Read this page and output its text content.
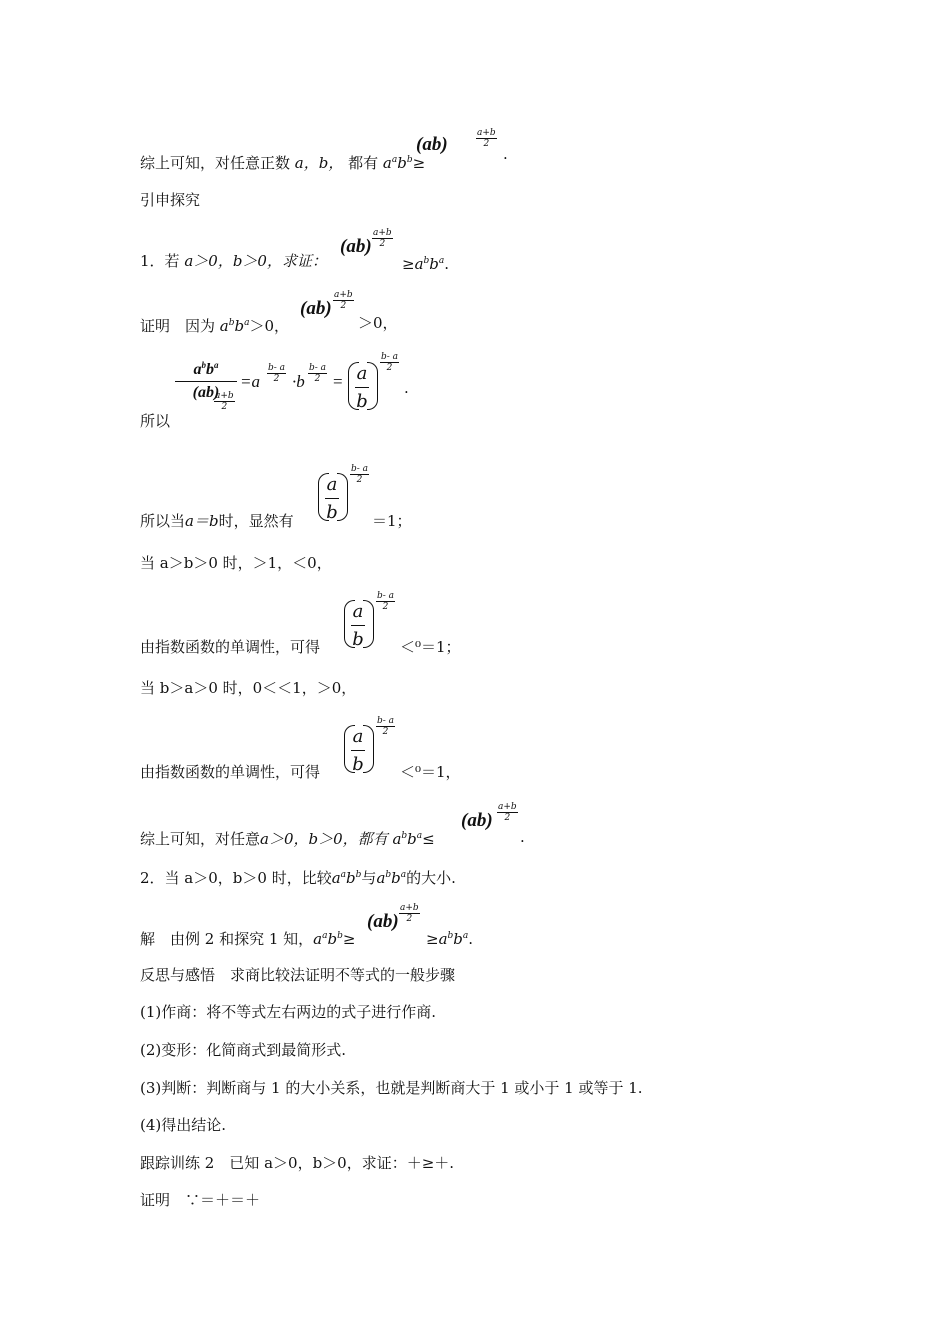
综上可知，对任意正数 a，b， 都有 $a^ab^b\ge$
(ab)
a+b
2
.
引申探究
1．若 a＞0，b＞0，求证：
(ab)
a+b
2
$\ge a^bb^a$.
证明　因为 $a^bb^a>0$，
(ab)
a+b
2
＞0，
$a^bb^a$
(ab)
a+b
2
=a
b- a
2 ·b
b- a
2 = a
b
b- a
2
.
所以
所以当a＝b时，显然有
a
b
b- a
2
＝1；
当 a＞b＞0 时，＞1，＜0，
由指数函数的单调性，可得
a
b
b- a
2
＜⁰＝1；
当 b＞a＞0 时，0＜＜1，＞0，
由指数函数的单调性，可得
a
b
b- a
2
＜⁰＝1，
综上可知，对任意a＞0，b＞0，都有 $a^bb^a\le$
(ab)
a+b
2
.
2．当 a＞0，b＞0 时，比较$a^ab^b$与$a^bb^a$的大小.
解　由例 2 和探究 1 知，$a^ab^b\ge$
(ab)
a+b
2
$\ge a^bb^a$.
反思与感悟　求商比较法证明不等式的一般步骤
(1)作商：将不等式左右两边的式子进行作商.
(2)变形：化简商式到最简形式.
(3)判断：判断商与 1 的大小关系，也就是判断商大于 1 或小于 1 或等于 1.
(4)得出结论.
跟踪训练 2　已知 a＞0，b＞0，求证：＋≥＋.
证明　∵＝＋＝＋
